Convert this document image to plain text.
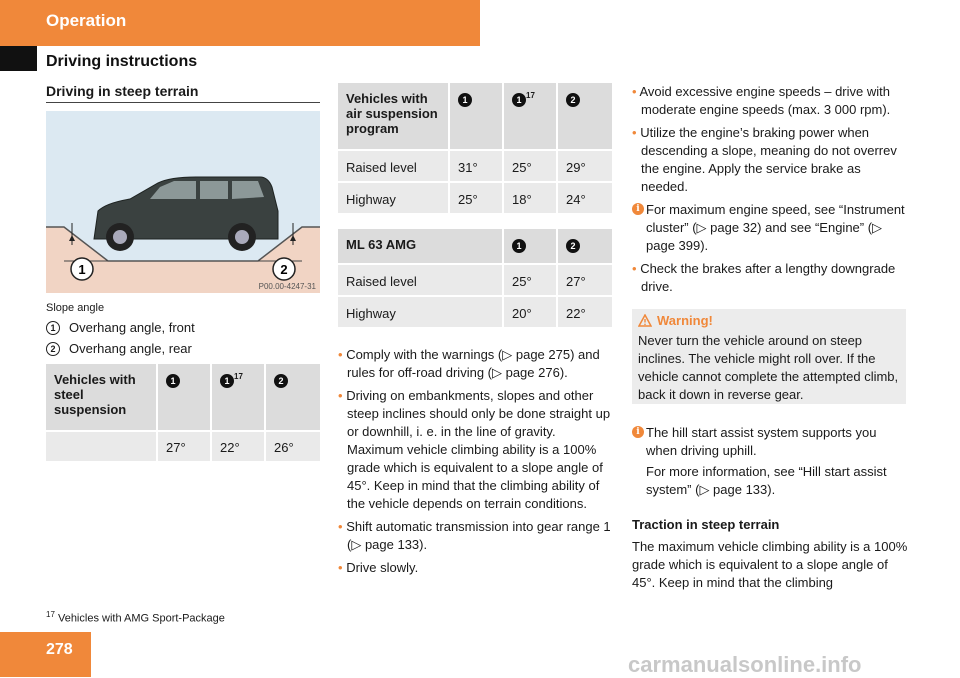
Operation
Driving instructions
Driving in steep terrain
1	2
P00.00-4247-31
Slope angle
1	Overhang angle, front
2	Overhang angle, rear
Vehicles with steel suspension	1	1 $^{17}$	2
	27°	22°	26°
$^{17}$ Vehicles with AMG Sport-Package
Vehicles with air suspension program	1	1 $^{17}$	2
Raised level	31°	25°	29°
Highway	25°	18°	24°
ML 63 AMG	1	2
Raised level	25°	27°
Highway	20°	22°

• Comply with the warnings (▷ page 275) and rules for off-road driving (▷ page 276).

• Driving on embankments, slopes and other steep inclines should only be done straight up or downhill, i. e. in the line of gravity. Maximum vehicle climbing ability is a 100% grade which is equivalent to a slope angle of 45°. Keep in mind that the climbing ability of the vehicle depends on terrain conditions.

• Shift automatic transmission into gear range 1 (▷ page 133).

• Drive slowly.

• Avoid excessive engine speeds – drive with moderate engine speeds (max. 3 000 rpm).

• Utilize the engine’s braking power when descending a slope, meaning do not overrev the engine. Apply the service brake as needed.

i For maximum engine speed, see “Instrument cluster” (▷ page 32) and see “Engine” (▷ page 399).

• Check the brakes after a lengthy downgrade drive.

Warning!
Never turn the vehicle around on steep inclines. The vehicle might roll over. If the vehicle cannot complete the attempted climb, back it down in reverse gear.

i The hill start assist system supports you when driving uphill.

For more information, see “Hill start assist system” (▷ page 133).

Traction in steep terrain
The maximum vehicle climbing ability is a 100% grade which is equivalent to a slope angle of 45°. Keep in mind that the climbing
278
carmanualsonline.info
